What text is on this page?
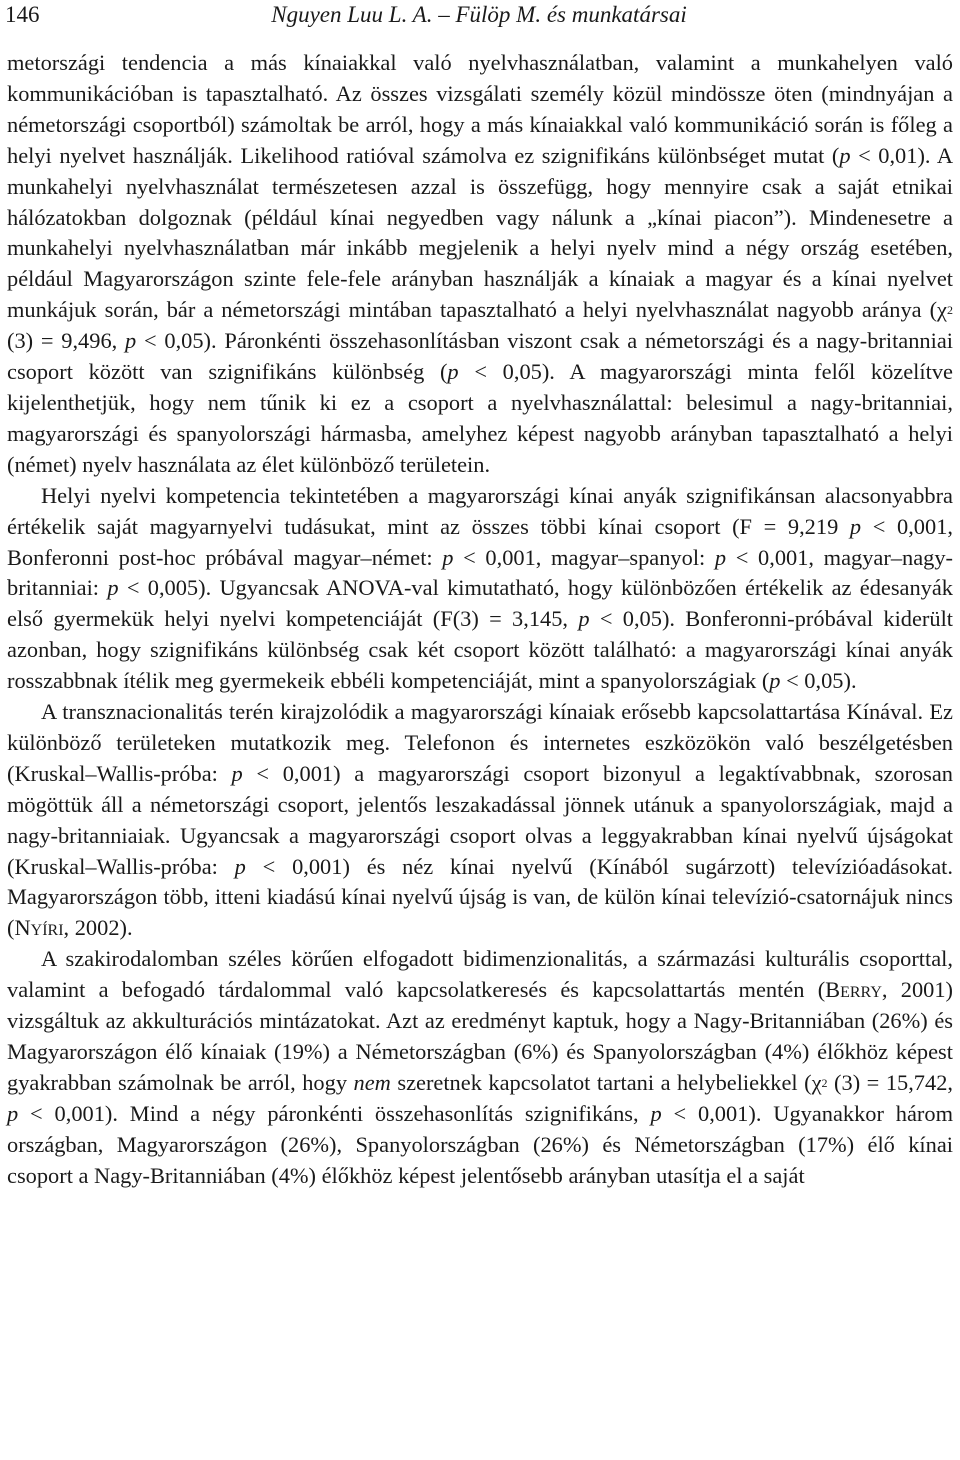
146	Nguyen Luu L. A. – Fülöp M. és munkatársai

metországi tendencia a más kínaiakkal való nyelvhasználatban, valamint a munkahelyen való kommunikációban is tapasztalható. Az összes vizsgálati személy közül mindössze öten (mindnyájan a németországi csoportból) számoltak be arról, hogy a más kínaiakkal való kommunikáció során is főleg a helyi nyelvet használják. Likelihood ratióval számolva ez szignifikáns különbséget mutat (p < 0,01). A munkahelyi nyelvhasználat természetesen azzal is összefügg, hogy mennyire csak a saját etnikai hálózatokban dolgoznak (például kínai negyedben vagy nálunk a „kínai piacon”). Mindenesetre a munkahelyi nyelvhasználatban már inkább megjelenik a helyi nyelv mind a négy ország esetében, például Magyarországon szinte fele-fele arányban használják a kínaiak a magyar és a kínai nyelvet munkájuk során, bár a németországi mintában tapasztalható a helyi nyelvhasználat nagyobb aránya ($\chi^2$ (3) = 9,496, p < 0,05). Páronkénti összehasonlításban viszont csak a németországi és a nagy-britanniai csoport között van szignifikáns különbség (p < 0,05). A magyarországi minta felől közelítve kijelenthetjük, hogy nem tűnik ki ez a csoport a nyelvhasználattal: belesimul a nagy-britanniai, magyarországi és spanyolországi hármasba, amelyhez képest nagyobb arányban tapasztalható a helyi (német) nyelv használata az élet különböző területein.

Helyi nyelvi kompetencia tekintetében a magyarországi kínai anyák szignifikánsan alacsonyabbra értékelik saját magyarnyelvi tudásukat, mint az összes többi kínai csoport (F = 9,219 p < 0,001, Bonferonni post-hoc próbával magyar–német: p < 0,001, magyar–spanyol: p < 0,001, magyar–nagy-britanniai: p < 0,005). Ugyancsak ANOVA-val kimutatható, hogy különbözően értékelik az édesanyák első gyermekük helyi nyelvi kompetenciáját (F(3) = 3,145, p < 0,05). Bonferonni-próbával kiderült azonban, hogy szignifikáns különbség csak két csoport között található: a magyarországi kínai anyák rosszabbnak ítélik meg gyermekeik ebbéli kompetenciáját, mint a spanyolországiak (p < 0,05).

A transznacionalitás terén kirajzolódik a magyarországi kínaiak erősebb kapcsolattartása Kínával. Ez különböző területeken mutatkozik meg. Telefonon és internetes eszközökön való beszélgetésben (Kruskal–Wallis-próba: p < 0,001) a magyarországi csoport bizonyul a legaktívabbnak, szorosan mögöttük áll a németországi csoport, jelentős leszakadással jönnek utánuk a spanyolországiak, majd a nagy-britanniaiak. Ugyancsak a magyarországi csoport olvas a leggyakrabban kínai nyelvű újságokat (Kruskal–Wallis-próba: p < 0,001) és néz kínai nyelvű (Kínából sugárzott) televízióadásokat. Magyarországon több, itteni kiadású kínai nyelvű újság is van, de külön kínai televízió-csatornájuk nincs (Nyíri, 2002).

A szakirodalomban széles körűen elfogadott bidimenzionalitás, a származási kulturális csoporttal, valamint a befogadó tárdalommal való kapcsolatkeresés és kapcsolattartás mentén (Berry, 2001) vizsgáltuk az akkulturációs mintázatokat. Azt az eredményt kaptuk, hogy a Nagy-Britanniában (26%) és Magyarországon élő kínaiak (19%) a Németországban (6%) és Spanyolországban (4%) élőkhöz képest gyakrabban számolnak be arról, hogy nem szeretnek kapcsolatot tartani a helybeliekkel ($\chi^2$ (3) = 15,742, p < 0,001). Mind a négy páronkénti összehasonlítás szignifikáns, p < 0,001). Ugyanakkor három országban, Magyarországon (26%), Spanyolországban (26%) és Németországban (17%) élő kínai csoport a Nagy-Britanniában (4%) élőkhöz képest jelentősebb arányban utasítja el a saját
